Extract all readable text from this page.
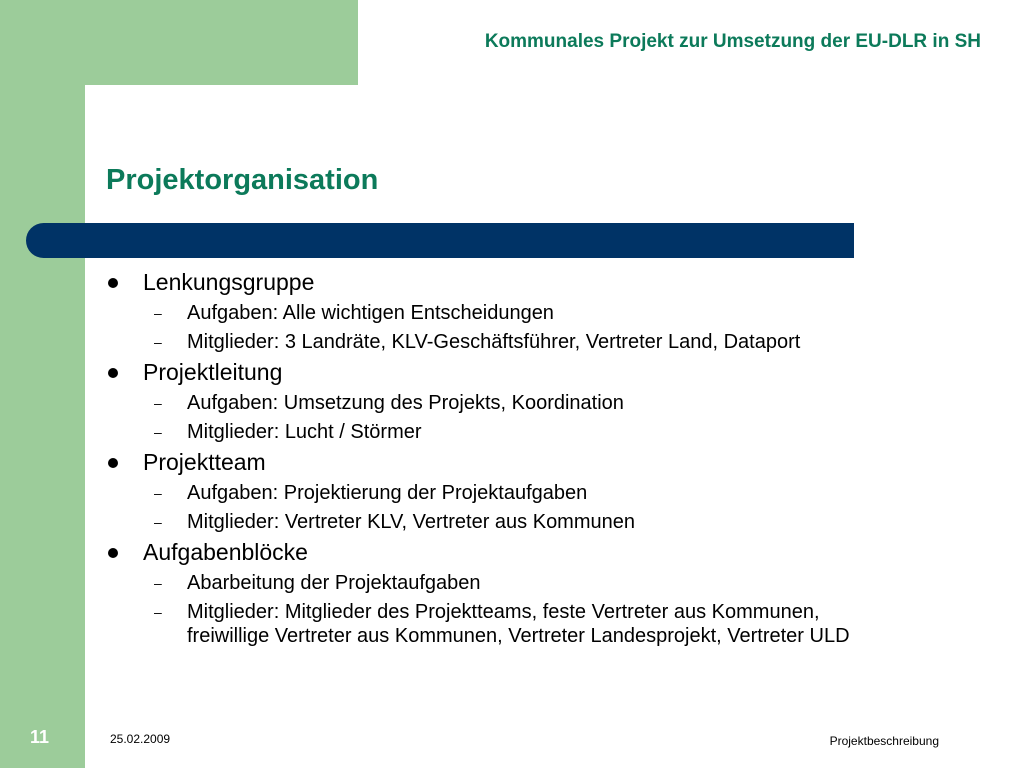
Kommunales Projekt zur Umsetzung der EU-DLR in SH
Projektorganisation
Lenkungsgruppe
– Aufgaben: Alle wichtigen Entscheidungen
– Mitglieder: 3 Landräte, KLV-Geschäftsführer, Vertreter Land, Dataport
Projektleitung
– Aufgaben: Umsetzung des Projekts, Koordination
– Mitglieder: Lucht / Störmer
Projektteam
– Aufgaben: Projektierung der Projektaufgaben
– Mitglieder: Vertreter KLV, Vertreter aus Kommunen
Aufgabenblöcke
– Abarbeitung der Projektaufgaben
– Mitglieder: Mitglieder des Projektteams, feste Vertreter aus Kommunen, freiwillige Vertreter aus Kommunen, Vertreter Landesprojekt, Vertreter ULD
11	25.02.2009	Projektbeschreibung
